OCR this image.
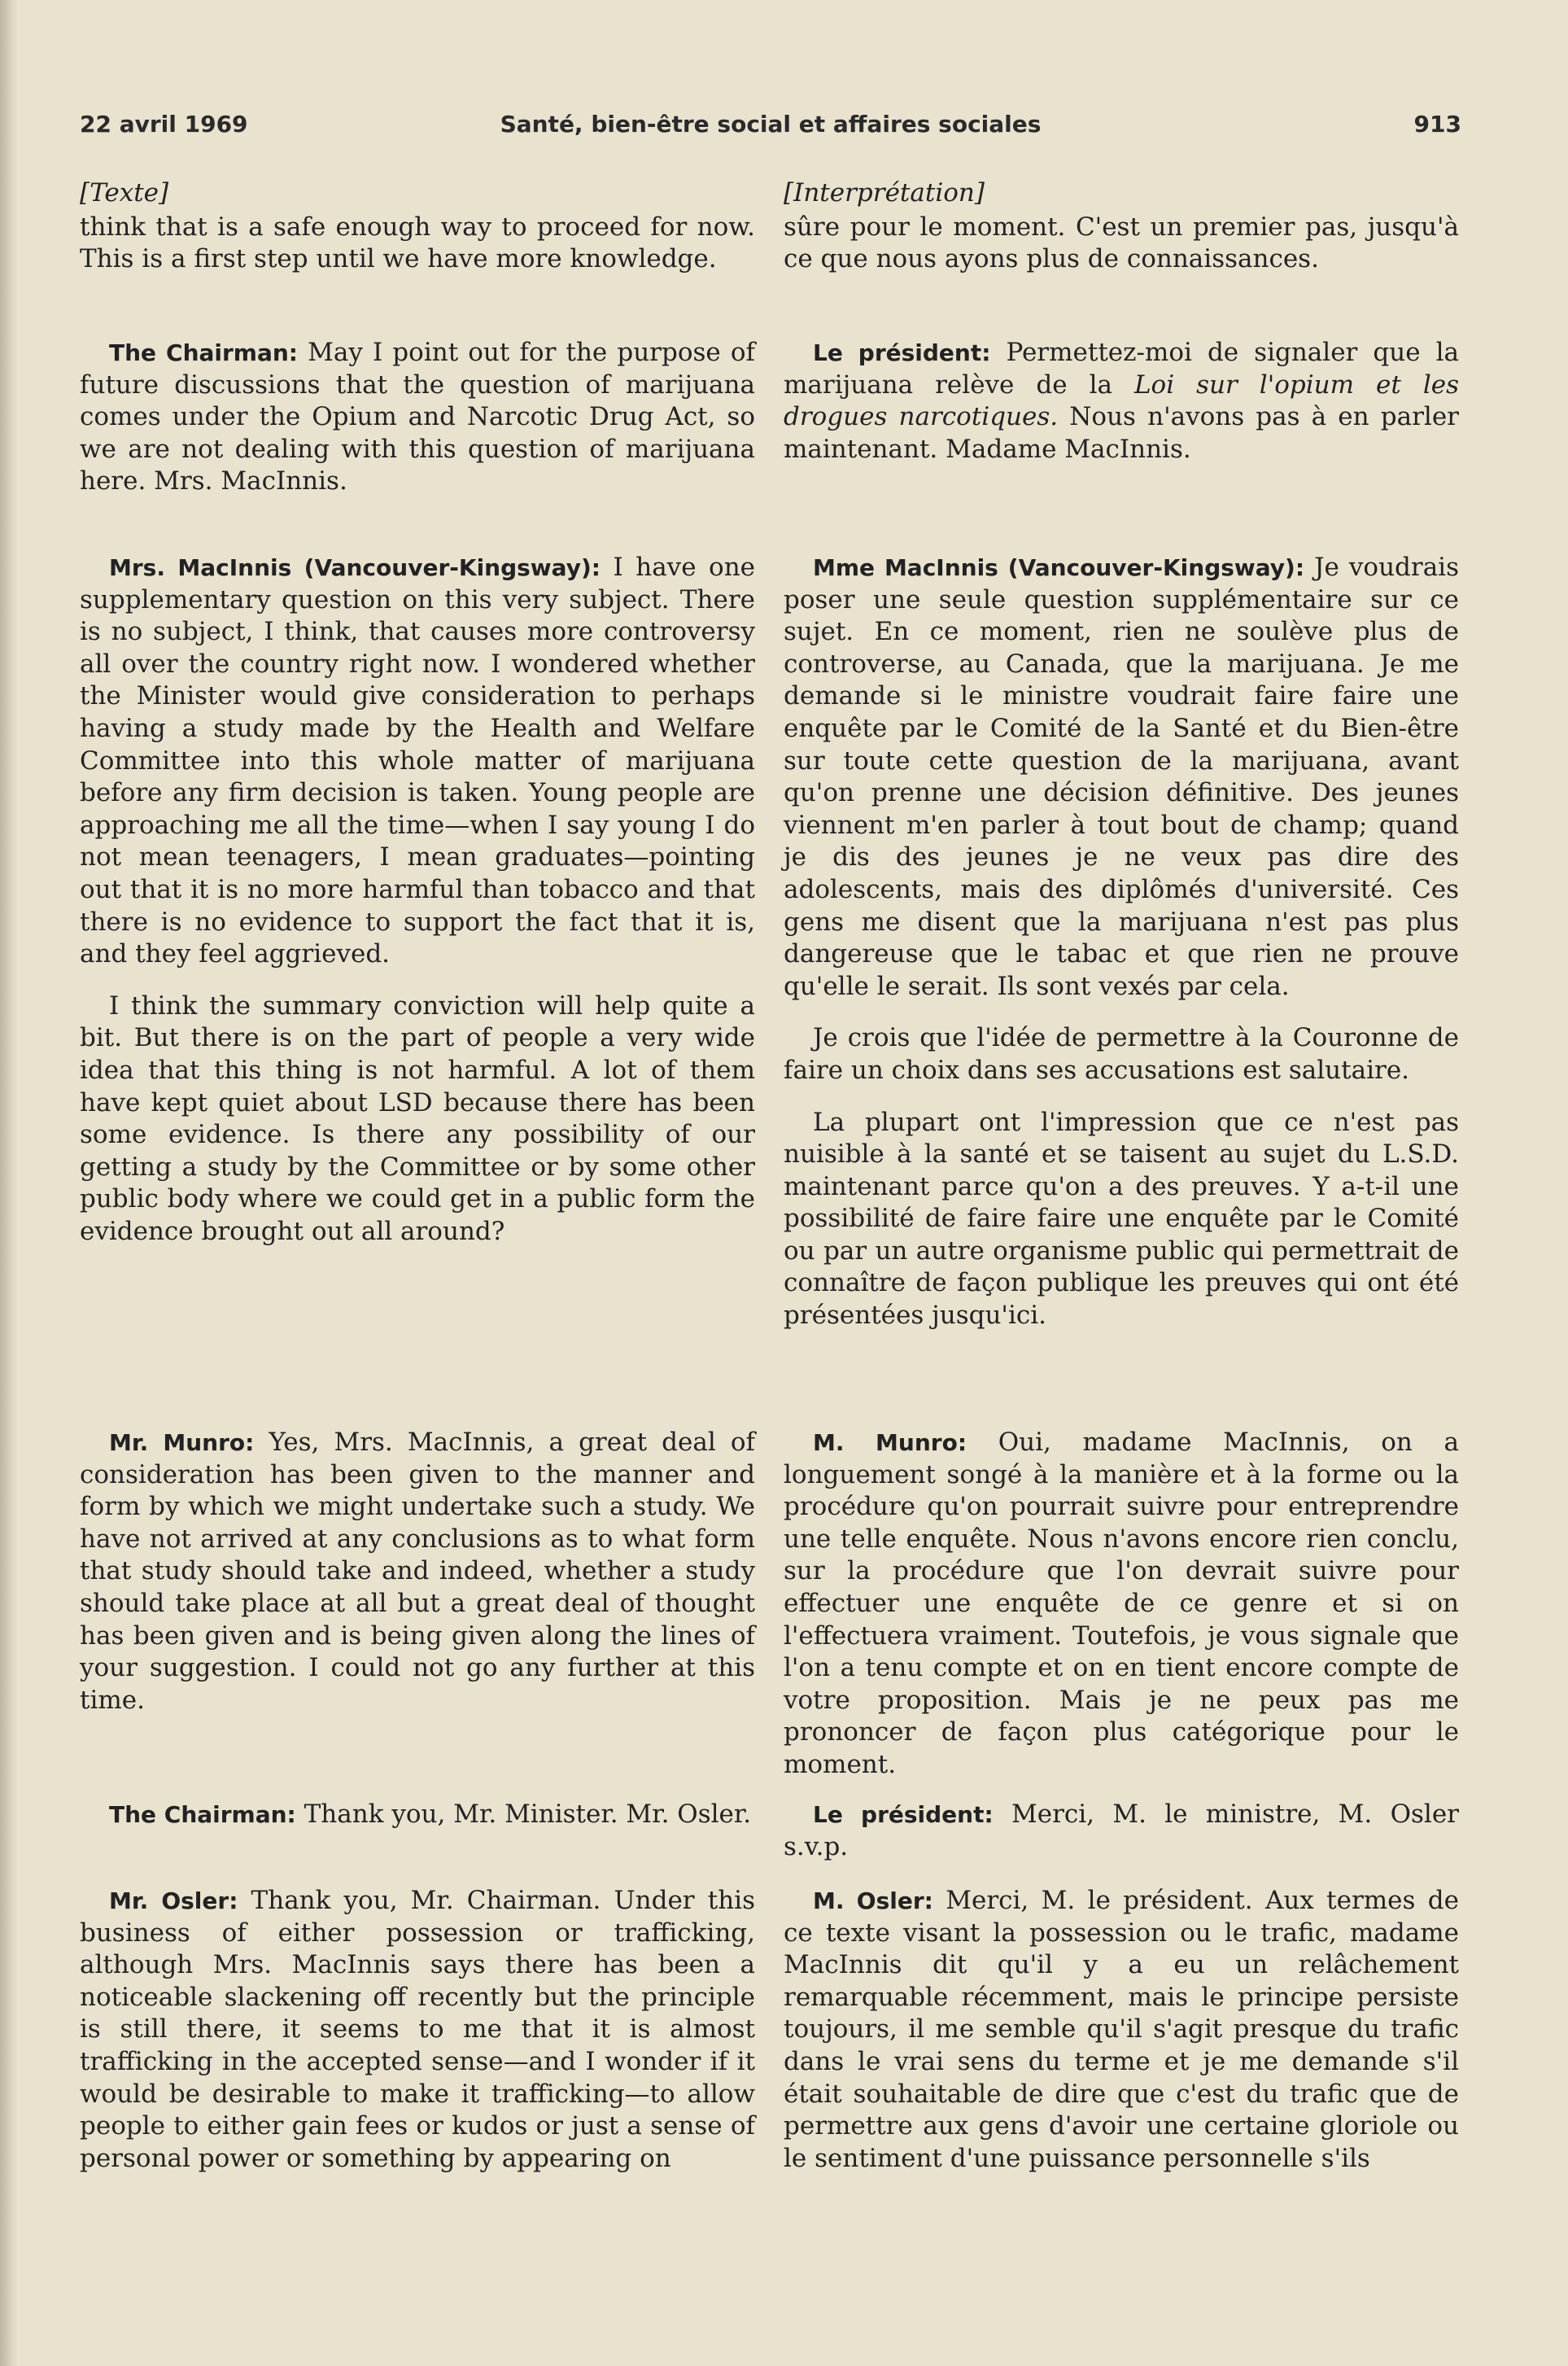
22 avril 1969	Santé, bien-être social et affaires sociales	913
[Texte]

think that is a safe enough way to proceed for now. This is a first step until we have more knowledge.

The Chairman: May I point out for the purpose of future discussions that the question of marijuana comes under the Opium and Narcotic Drug Act, so we are not dealing with this question of marijuana here. Mrs. MacInnis.

Mrs. MacInnis (Vancouver-Kingsway): I have one supplementary question on this very subject. There is no subject, I think, that causes more controversy all over the country right now. I wondered whether the Minister would give consideration to perhaps having a study made by the Health and Welfare Committee into this whole matter of marijuana before any firm decision is taken. Young people are approaching me all the time—when I say young I do not mean teenagers, I mean graduates—pointing out that it is no more harmful than tobacco and that there is no evidence to support the fact that it is, and they feel aggrieved.

I think the summary conviction will help quite a bit. But there is on the part of people a very wide idea that this thing is not harmful. A lot of them have kept quiet about LSD because there has been some evidence. Is there any possibility of our getting a study by the Committee or by some other public body where we could get in a public form the evidence brought out all around?

Mr. Munro: Yes, Mrs. MacInnis, a great deal of consideration has been given to the manner and form by which we might undertake such a study. We have not arrived at any conclusions as to what form that study should take and indeed, whether a study should take place at all but a great deal of thought has been given and is being given along the lines of your suggestion. I could not go any further at this time.

The Chairman: Thank you, Mr. Minister. Mr. Osler.

Mr. Osler: Thank you, Mr. Chairman. Under this business of either possession or trafficking, although Mrs. MacInnis says there has been a noticeable slackening off recently but the principle is still there, it seems to me that it is almost trafficking in the accepted sense—and I wonder if it would be desirable to make it trafficking—to allow people to either gain fees or kudos or just a sense of personal power or something by appearing on

[Interprétation]

sûre pour le moment. C'est un premier pas, jusqu'à ce que nous ayons plus de connaissances.

Le président: Permettez-moi de signaler que la marijuana relève de la Loi sur l'opium et les drogues narcotiques. Nous n'avons pas à en parler maintenant. Madame MacInnis.

Mme MacInnis (Vancouver-Kingsway): Je voudrais poser une seule question supplémentaire sur ce sujet. En ce moment, rien ne soulève plus de controverse, au Canada, que la marijuana. Je me demande si le ministre voudrait faire faire une enquête par le Comité de la Santé et du Bien-être sur toute cette question de la marijuana, avant qu'on prenne une décision définitive. Des jeunes viennent m'en parler à tout bout de champ; quand je dis des jeunes je ne veux pas dire des adolescents, mais des diplômés d'université. Ces gens me disent que la marijuana n'est pas plus dangereuse que le tabac et que rien ne prouve qu'elle le serait. Ils sont vexés par cela.

Je crois que l'idée de permettre à la Couronne de faire un choix dans ses accusations est salutaire.

La plupart ont l'impression que ce n'est pas nuisible à la santé et se taisent au sujet du L.S.D. maintenant parce qu'on a des preuves. Y a-t-il une possibilité de faire faire une enquête par le Comité ou par un autre organisme public qui permettrait de connaître de façon publique les preuves qui ont été présentées jusqu'ici.

M. Munro: Oui, madame MacInnis, on a longuement songé à la manière et à la forme ou la procédure qu'on pourrait suivre pour entreprendre une telle enquête. Nous n'avons encore rien conclu, sur la procédure que l'on devrait suivre pour effectuer une enquête de ce genre et si on l'effectuera vraiment. Toutefois, je vous signale que l'on a tenu compte et on en tient encore compte de votre proposition. Mais je ne peux pas me prononcer de façon plus catégorique pour le moment.

Le président: Merci, M. le ministre, M. Osler s.v.p.

M. Osler: Merci, M. le président. Aux termes de ce texte visant la possession ou le trafic, madame MacInnis dit qu'il y a eu un relâchement remarquable récemment, mais le principe persiste toujours, il me semble qu'il s'agit presque du trafic dans le vrai sens du terme et je me demande s'il était souhaitable de dire que c'est du trafic que de permettre aux gens d'avoir une certaine gloriole ou le sentiment d'une puissance personnelle s'ils
